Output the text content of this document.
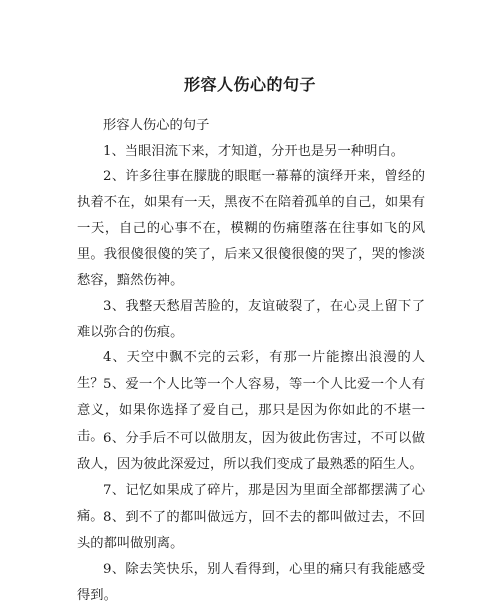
形容人伤心的句子

形容人伤心的句子

1、当眼泪流下来，才知道，分开也是另一种明白。

2、许多往事在朦胧的眼眶一幕幕的演绎开来，曾经的执着不在，如果有一天，黑夜不在陪着孤单的自己，如果有一天，自己的心事不在，模糊的伤痛堕落在往事如飞的风里。我很傻很傻的笑了，后来又很傻很傻的哭了，哭的惨淡愁容，黯然伤神。

3、我整天愁眉苦脸的，友谊破裂了，在心灵上留下了难以弥合的伤痕。

4、天空中飘不完的云彩，有那一片能擦出浪漫的人生？ 5、爱一个人比等一个人容易，等一个人比爱一个人有意义，如果你选择了爱自己，那只是因为你如此的不堪一击。 6、分手后不可以做朋友，因为彼此伤害过，不可以做敌人，因为彼此深爱过，所以我们变成了最熟悉的陌生人。

7、记忆如果成了碎片，那是因为里面全部都摆满了心痛。 8、到不了的都叫做远方，回不去的都叫做过去，不回头的都叫做别离。

9、除去笑快乐，别人看得到，心里的痛只有我能感受得到。
